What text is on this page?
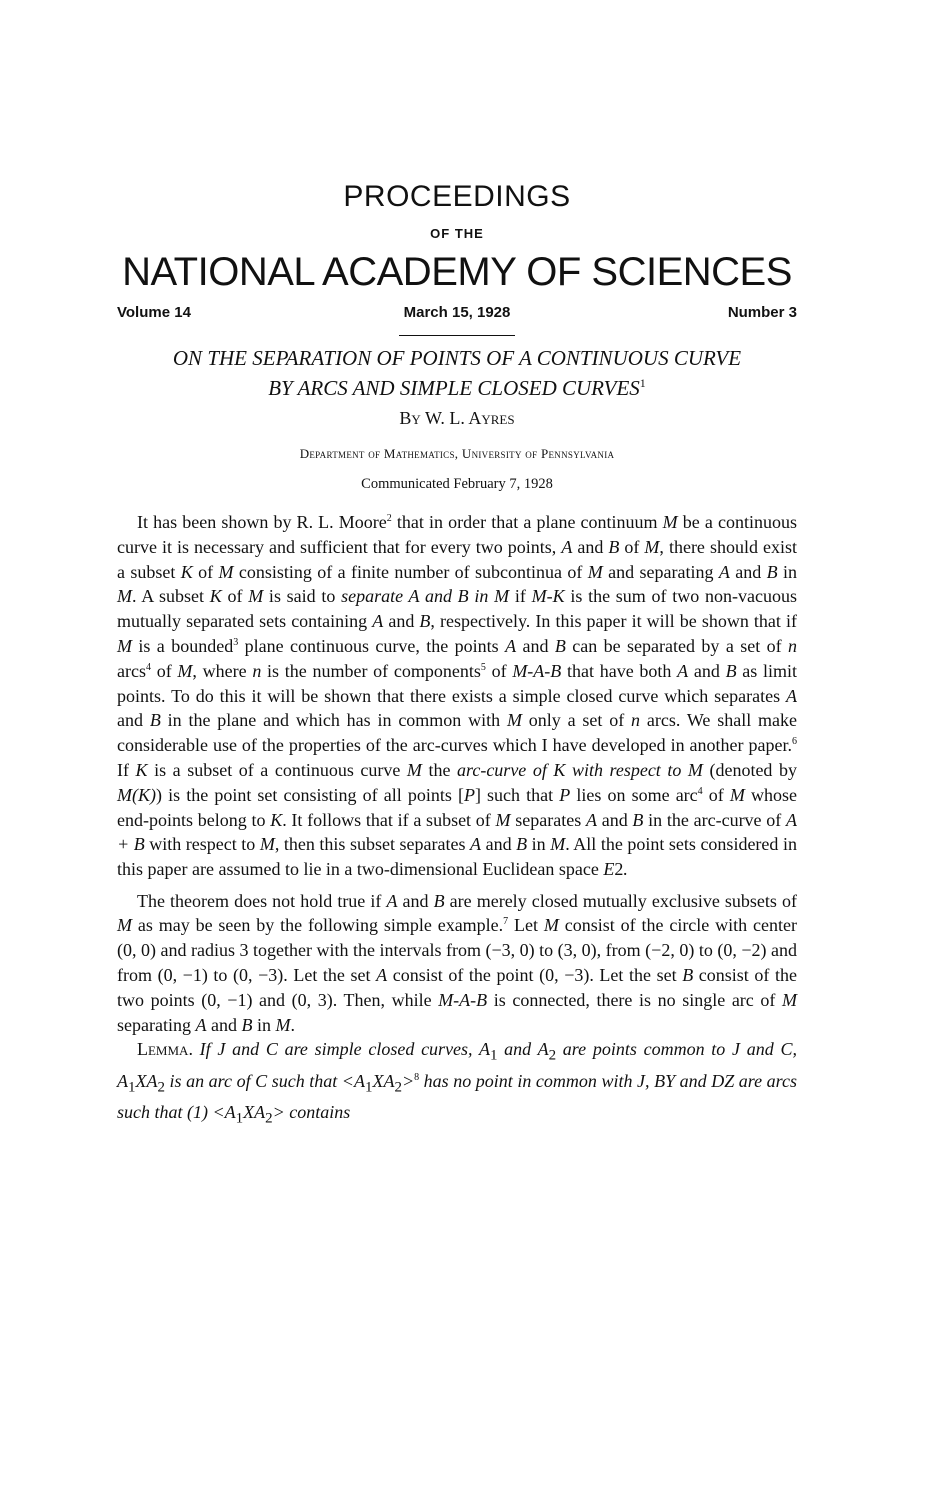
PROCEEDINGS
OF THE
NATIONAL ACADEMY OF SCIENCES
Volume 14	March 15, 1928	Number 3
ON THE SEPARATION OF POINTS OF A CONTINUOUS CURVE
BY ARCS AND SIMPLE CLOSED CURVES$^1$
By W. L. Ayres
Department of Mathematics, University of Pennsylvania
Communicated February 7, 1928

It has been shown by R. L. Moore$^2$ that in order that a plane continuum M be a continuous curve it is necessary and sufficient that for every two points, A and B of M, there should exist a subset K of M consisting of a finite number of subcontinua of M and separating A and B in M. A subset K of M is said to separate A and B in M if M-K is the sum of two non-vacuous mutually separated sets containing A and B, respectively. In this paper it will be shown that if M is a bounded$^3$ plane continuous curve, the points A and B can be separated by a set of n arcs$^4$ of M, where n is the number of components$^5$ of M-A-B that have both A and B as limit points. To do this it will be shown that there exists a simple closed curve which separates A and B in the plane and which has in common with M only a set of n arcs. We shall make considerable use of the properties of the arc-curves which I have developed in another paper.$^6$ If K is a subset of a continuous curve M the arc-curve of K with respect to M (denoted by M(K)) is the point set consisting of all points [P] such that P lies on some arc$^4$ of M whose end-points belong to K. It follows that if a subset of M separates A and B in the arc-curve of A + B with respect to M, then this subset separates A and B in M. All the point sets considered in this paper are assumed to lie in a two-dimensional Euclidean space E2.

The theorem does not hold true if A and B are merely closed mutually exclusive subsets of M as may be seen by the following simple example.$^7$ Let M consist of the circle with center (0, 0) and radius 3 together with the intervals from (−3, 0) to (3, 0), from (−2, 0) to (0, −2) and from (0, −1) to (0, −3). Let the set A consist of the point (0, −3). Let the set B consist of the two points (0, −1) and (0, 3). Then, while M-A-B is connected, there is no single arc of M separating A and B in M.

Lemma. If J and C are simple closed curves, $A_1$ and $A_2$ are points common to J and C, $A_1XA_2$ is an arc of C such that $<A_1XA_2>^8$ has no point in common with J, BY and DZ are arcs such that $(1) <A_1XA_2>$ contains
